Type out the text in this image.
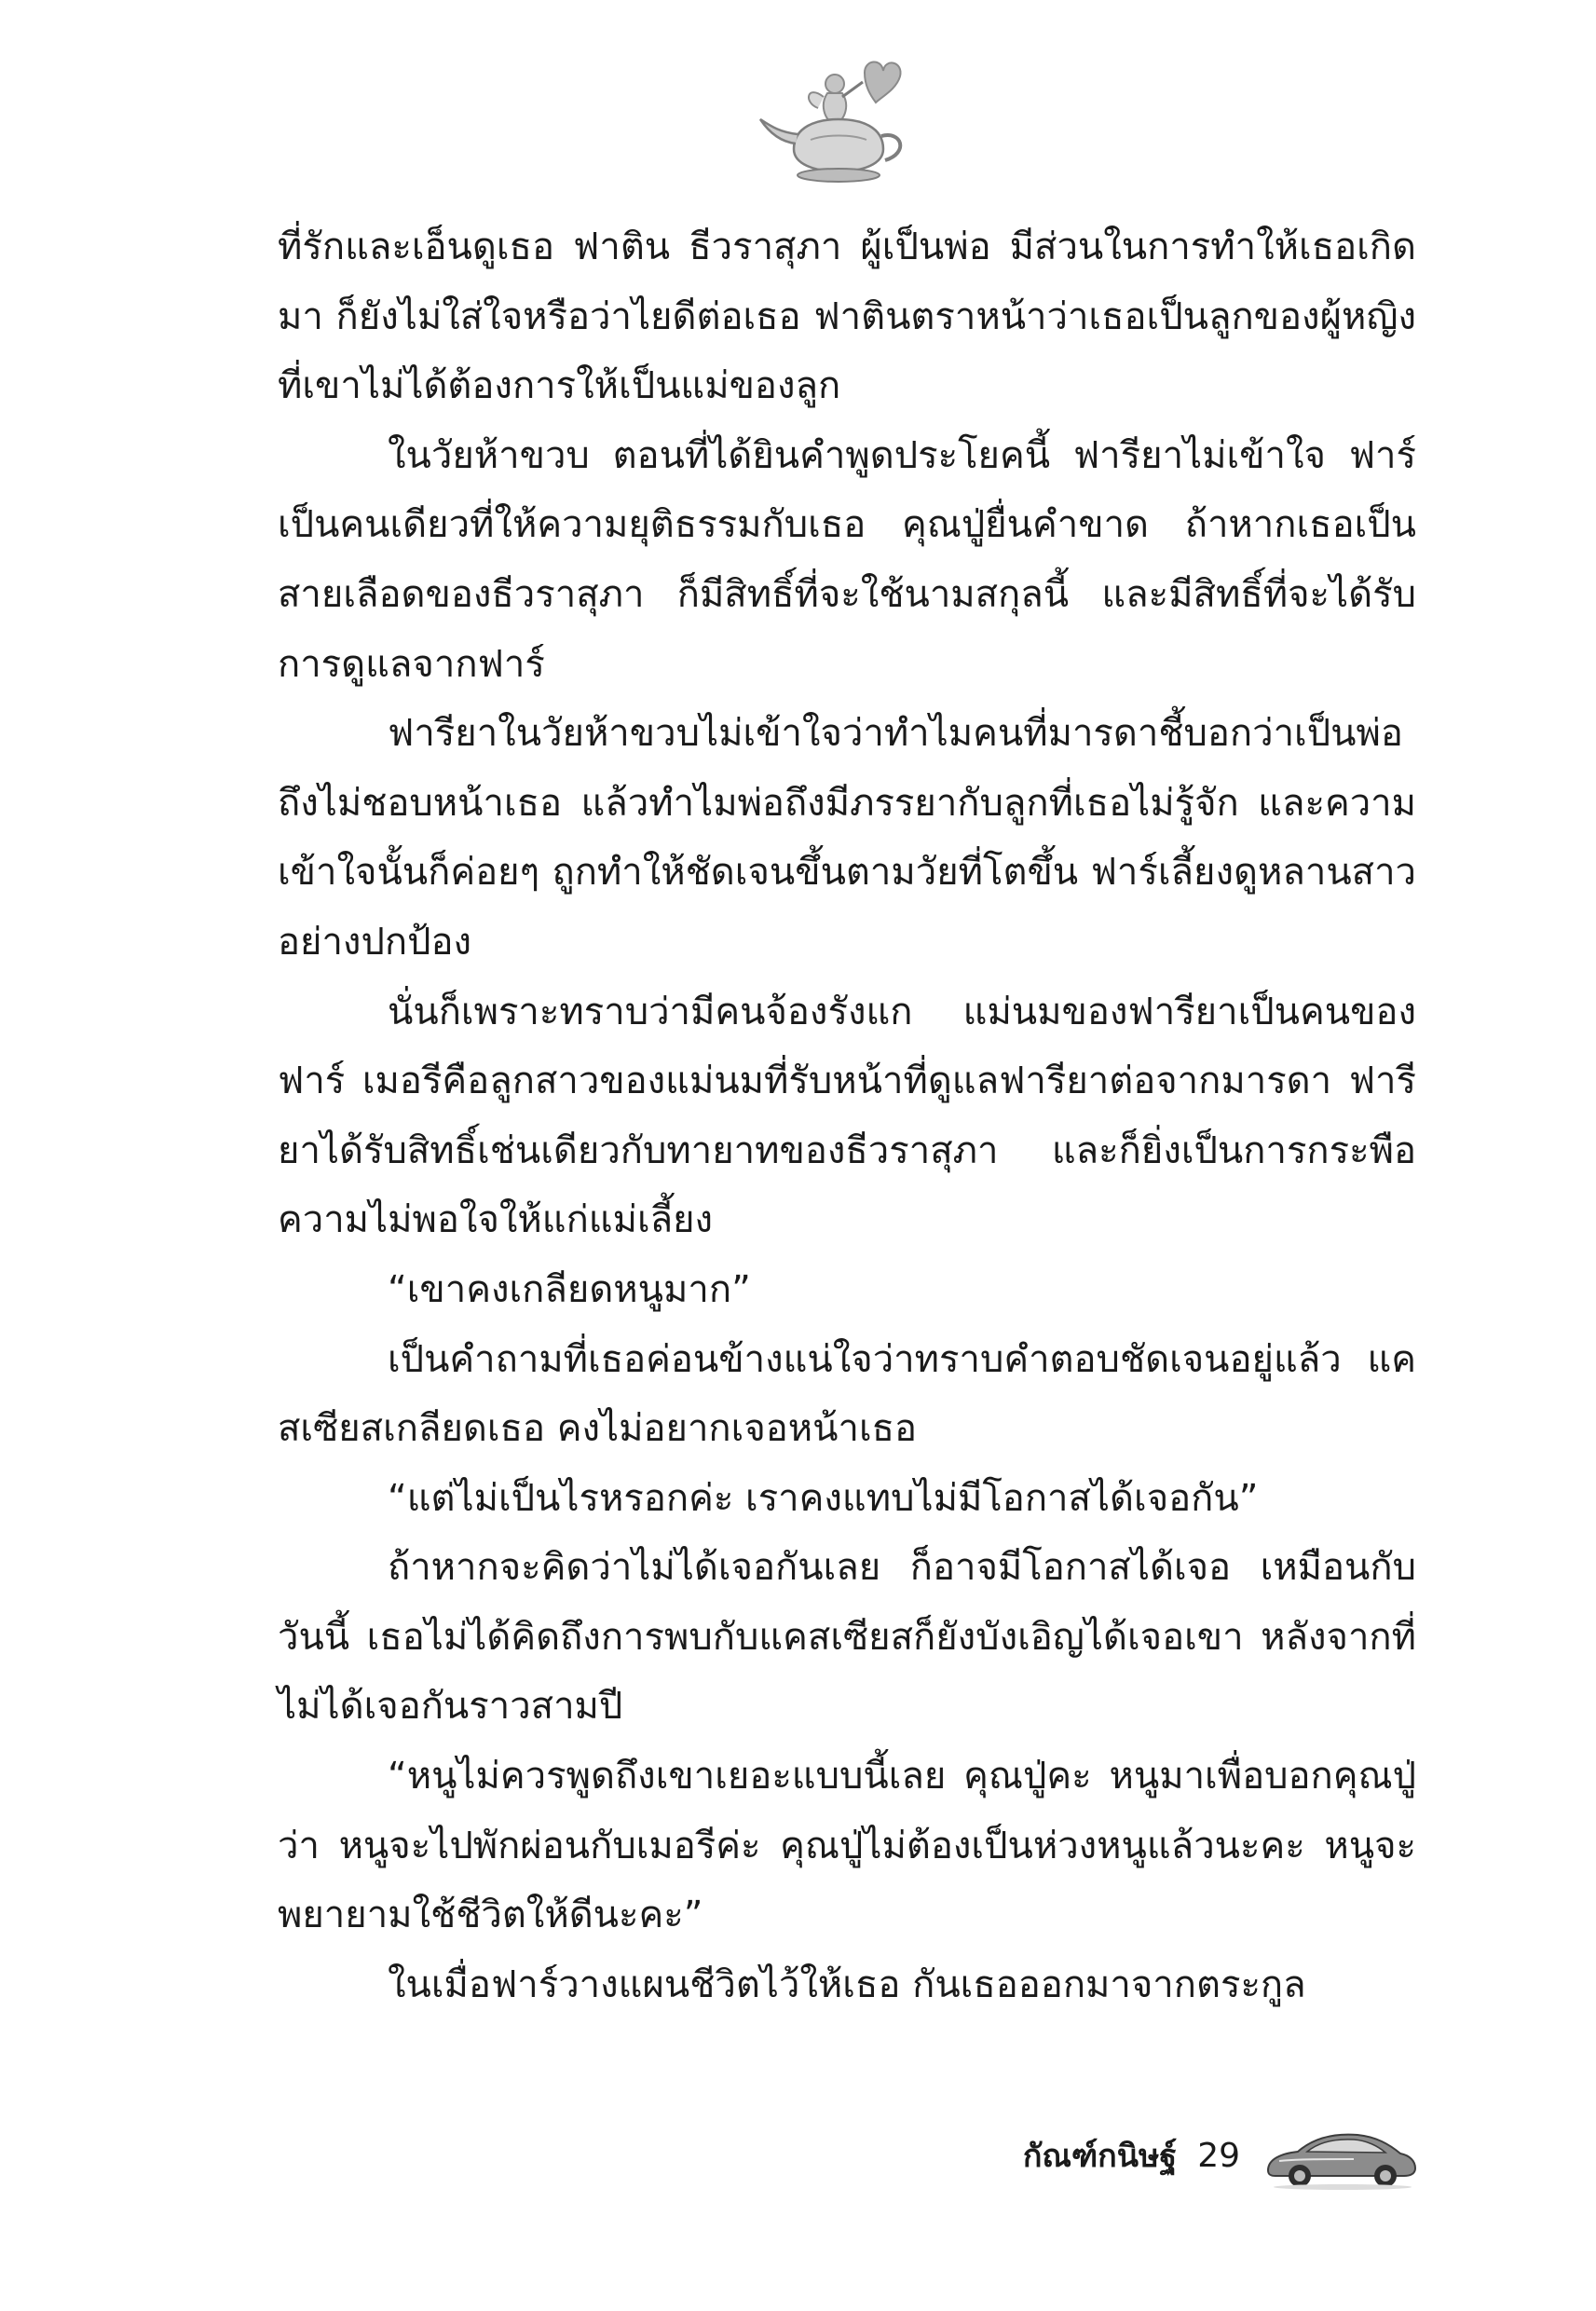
ที่รักและเอ็นดูเธอ ฟาติน ธีวราสุภา ผู้เป็นพ่อ มีส่วนในการทำให้เธอเกิดมา ก็ยังไม่ใส่ใจหรือว่าไยดีต่อเธอ ฟาตินตราหน้าว่าเธอเป็นลูกของผู้หญิงที่เขาไม่ได้ต้องการให้เป็นแม่ของลูก

ในวัยห้าขวบ ตอนที่ได้ยินคำพูดประโยคนี้ ฟารียาไม่เข้าใจ ฟาร์เป็นคนเดียวที่ให้ความยุติธรรมกับเธอ คุณปู่ยื่นคำขาด ถ้าหากเธอเป็นสายเลือดของธีวราสุภา ก็มีสิทธิ์ที่จะใช้นามสกุลนี้ และมีสิทธิ์ที่จะได้รับการดูแลจากฟาร์

ฟารียาในวัยห้าขวบไม่เข้าใจว่าทำไมคนที่มารดาชี้บอกว่าเป็นพ่อถึงไม่ชอบหน้าเธอ แล้วทำไมพ่อถึงมีภรรยากับลูกที่เธอไม่รู้จัก และความเข้าใจนั้นก็ค่อยๆ ถูกทำให้ชัดเจนขึ้นตามวัยที่โตขึ้น ฟาร์เลี้ยงดูหลานสาวอย่างปกป้อง

นั่นก็เพราะทราบว่ามีคนจ้องรังแก แม่นมของฟารียาเป็นคนของฟาร์ เมอรีคือลูกสาวของแม่นมที่รับหน้าที่ดูแลฟารียาต่อจากมารดา ฟารียาได้รับสิทธิ์เช่นเดียวกับทายาทของธีวราสุภา และก็ยิ่งเป็นการกระพือความไม่พอใจให้แก่แม่เลี้ยง

“เขาคงเกลียดหนูมาก”

เป็นคำถามที่เธอค่อนข้างแน่ใจว่าทราบคำตอบชัดเจนอยู่แล้ว แคสเซียสเกลียดเธอ คงไม่อยากเจอหน้าเธอ

“แต่ไม่เป็นไรหรอกค่ะ เราคงแทบไม่มีโอกาสได้เจอกัน”

ถ้าหากจะคิดว่าไม่ได้เจอกันเลย ก็อาจมีโอกาสได้เจอ เหมือนกับวันนี้ เธอไม่ได้คิดถึงการพบกับแคสเซียสก็ยังบังเอิญได้เจอเขา หลังจากที่ไม่ได้เจอกันราวสามปี

“หนูไม่ควรพูดถึงเขาเยอะแบบนี้เลย คุณปู่คะ หนูมาเพื่อบอกคุณปู่ว่า หนูจะไปพักผ่อนกับเมอรีค่ะ คุณปู่ไม่ต้องเป็นห่วงหนูแล้วนะคะ หนูจะพยายามใช้ชีวิตให้ดีนะคะ”

ในเมื่อฟาร์วางแผนชีวิตไว้ให้เธอ กันเธอออกมาจากตระกูล

กัณฑ์กนิษฐ์ 29
